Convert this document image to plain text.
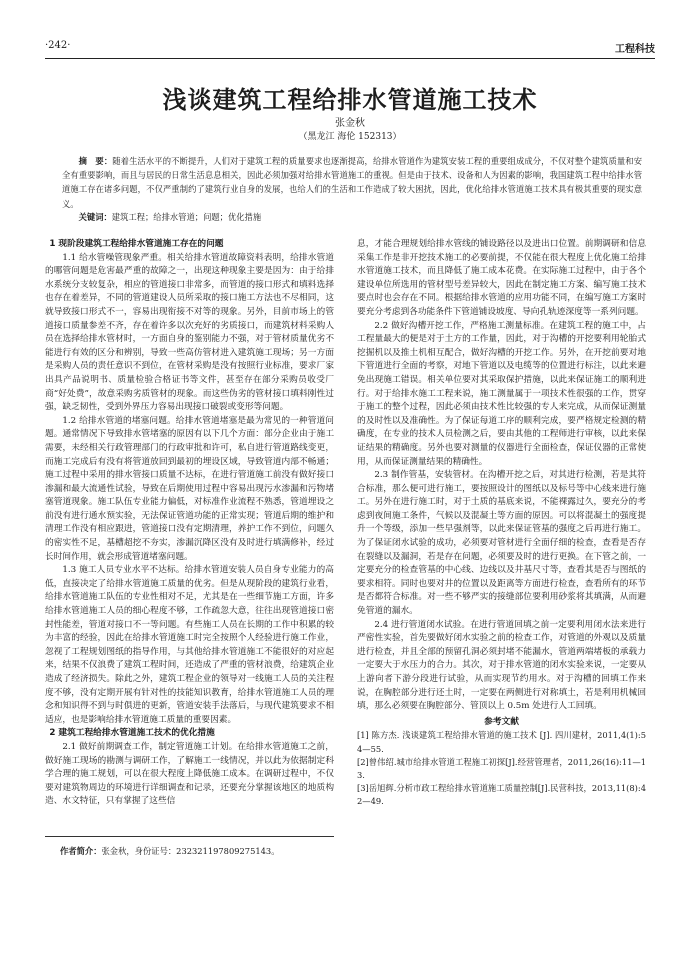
·242·	工程科技
浅谈建筑工程给排水管道施工技术
张金秋
（黑龙江 海伦 152313）
摘　要：随着生活水平的不断提升，人们对于建筑工程的质量要求也逐渐提高，给排水管道作为建筑安装工程的重要组成成分，不仅对整个建筑质量和安全有重要影响，而且与居民的日常生活息息相关，因此必须加强对给排水管道施工的重视。但是由于技术、设备和人为因素的影响，我国建筑工程中给排水管道施工存在诸多问题，不仅严重制约了建筑行业自身的发展，也给人们的生活和工作造成了较大困扰，因此，优化给排水管道施工技术具有极其重要的现实意义。
关键词：建筑工程；给排水管道；问题；优化措施
1 现阶段建筑工程给排水管道施工存在的问题

1.1 给水管噪管现象严重。相关给排水管道故障资料表明，给排水管道的哪管问题是危害最严重的故障之一，出现这种现象主要是因为：由于给排水系统分支较复杂，相应的管道接口非常多，而管道的接口形式和填料选择也存在着差异，不同的管道建设人员所采取的接口施工方法也不尽相同，这就导致接口形式不一，容易出现衔接不对等的现象。另外，目前市场上的管道接口质量参差不齐，存在着许多以次充好的劣质接口，而建筑材料采购人员在选择给排水管材时，一方面自身的鉴别能力不强，对于管材质量优劣不能进行有效的区分和辨别，导致一些高仿管材进入建筑施工现场；另一方面是采购人员的责任意识不到位，在管材采购是没有按照行业标准，要求厂家出具产品说明书、质量检验合格证书等文件，甚至存在部分采购员收受厂商“好处费”，故意采购劣质管材的现象。而这些伪劣的管材接口填料刚性过强，缺乏韧性，受到外界压力容易出现接口破裂或变形等问题。

1.2 给排水管道的堵塞问题。给排水管道堵塞是最为常见的一种管道问题。通常情况下导致排水管堵塞的原因有以下几个方面：部分企业由于施工需要，未经相关行政管理部门的行政审批和许可，私自进行管道路线变更，而施工完成后有没有将管道放回到最初的埋设区域，导致管道内部不畅通；施工过程中采用的排水管接口质量不达标，在进行管道施工前没有做好接口渗漏和最大流通性试验，导致在后期使用过程中容易出现污水渗漏和污物堵塞管道现象。施工队伍专业能力偏低，对标准作业流程不熟悉，管道埋设之前没有进行通水预实验，无法保证管道功能的正常实现；管道后期的维护和清理工作没有相应跟进，管道接口没有定期清理，养护工作不到位，问题久的密实性不足，基槽超挖不夯实，渗漏沉降区没有及时进行填满修补，经过长时间作用，就会形成管道堵塞问题。

1.3 施工人员专业水平不达标。给排水管道安装人员自身专业能力的高低，直接决定了给排水管道施工质量的优劣。但是从现阶段的建筑行业看，给排水管道施工队伍的专业性相对不足，尤其是在一些细节施工方面，许多给排水管道施工人员的细心程度不够，工作疏忽大意，往往出现管道接口密封性能差，管道对接口不一等问题。有些施工人员在长期的工作中积累的较为丰富的经验，因此在给排水管道施工时完全按照个人经验进行施工作业，忽视了工程规划图纸的指导作用，与其他给排水管道施工不能很好的对应起来，结果不仅浪费了建筑工程时间，还造成了严重的管材浪费，给建筑企业造成了经济损失。除此之外，建筑工程企业的领导对一线施工人员的关注程度不够，没有定期开展有针对性的技能知识教育，给排水管道施工人员的理念和知识得不到与时俱进的更新，管道安装手法落后，与现代建筑要求不相适应，也是影响给排水管道施工质量的重要因素。

2 建筑工程给排水管道施工技术的优化措施

2.1 做好前期调查工作，制定管道施工计划。在给排水管道施工之前，做好施工现场的勘测与调研工作，了解施工一线情况，并以此为依据制定科学合理的施工规划，可以在很大程度上降低施工成本。在调研过程中，不仅要对建筑物周边的环境进行详细调查和记录，还要充分掌握该地区的地质构造、水文特征，只有掌握了这些信

息，才能合理规划给排水管线的铺设路径以及进出口位置。前期调研和信息采集工作是非开挖技术施工的必要前提，不仅能在很大程度上优化施工给排水管道施工技术，而且降低了施工成本花费。在实际施工过程中，由于各个建设单位所选用的管材型号差异较大，因此在制定施工方案、编写施工技术要点时也会存在不同。根据给排水管道的应用功能不同，在编写施工方案时要充分考虑到各功能条件下管道铺设坡度、导向孔轨迹深度等一系列问题。

2.2 做好沟槽开挖工作，严格施工测量标准。在建筑工程的施工中，占工程量最大的便是对于土方的工作量，因此，对于沟槽的开挖要利用轮胎式挖掘机以及推土机相互配合，做好沟槽的开挖工作。另外，在开挖前要对地下管道进行全面的考察，对地下管道以及电缆等的位置进行标注，以此来避免出现施工错误。相关单位要对其采取保护措施，以此来保证施工的顺利进行。对于给排水施工工程来说，施工测量属于一项技术性很强的工作，贯穿于施工的整个过程，因此必须由技术性比较强的专人来完成，从而保证测量的及时性以及准确性。为了保证每道工序的顺利完成，要严格规定检测的精确度，在专业的技术人员检测之后，要由其他的工程师进行审核，以此来保证结果的精确度。另外也要对测量的仪器进行全面检查，保证仪器的正常使用，从而保证测量结果的精确性。

2.3 制作管基，安装管材。在沟槽开挖之后，对其进行检测，若是其符合标准，那么便可进行施工，要按照设计的图纸以及标号等中心线来进行施工。另外在进行施工时，对于土质的基底来说，不能裸露过久，要充分的考虑到夜间施工条件，气候以及混凝土等方面的原因。可以将混凝土的强度提升一个等级，添加一些早强剂等，以此来保证管基的强度之后再进行施工。为了保证闭水试验的成功，必须要对管材进行全面仔细的检查，查看是否存在裂缝以及漏洞，若是存在问题，必须要及时的进行更换。在下管之前，一定要充分的检查管基的中心线、边线以及井基尺寸等，查看其是否与图纸的要求相符。同时也要对井的位置以及距离等方面进行检查，查看所有的环节是否都符合标准。对一些不够严实的接缝部位要利用砂浆将其填满，从而避免管道的漏水。

2.4 进行管道闭水试验。在进行管道回填之前一定要利用闭水法来进行严密性实验，首先要做好闭水实验之前的检查工作，对管道的外观以及质量进行检查，并且全部的预留孔洞必须封堵不能漏水，管道两端堵板的承载力一定要大于水压力的合力。其次，对于排水管道的闭水实验来说，一定要从上游向者下游分段进行试验，从而实现节约用水。对于沟槽的回填工作来说，在胸腔部分进行还土时，一定要在两侧进行对称填土，若是利用机械回填，那么必须要在胸腔部分、管顶以上 0.5m 处进行人工回填。

参考文献

[1] 陈方杰. 浅谈建筑工程给排水管道的施工技术 [J]. 四川建材，2011,4(1):54—55.

[2]曾伟绍.城市给排水管道工程施工初探[J].经营管理者，2011,26(16):11—13.

[3]岳旭辉.分析市政工程给排水管道施工质量控制[J].民营科技，2013,11(8):42—49.

作者简介：张金秋，身份证号：232321197809275143。
